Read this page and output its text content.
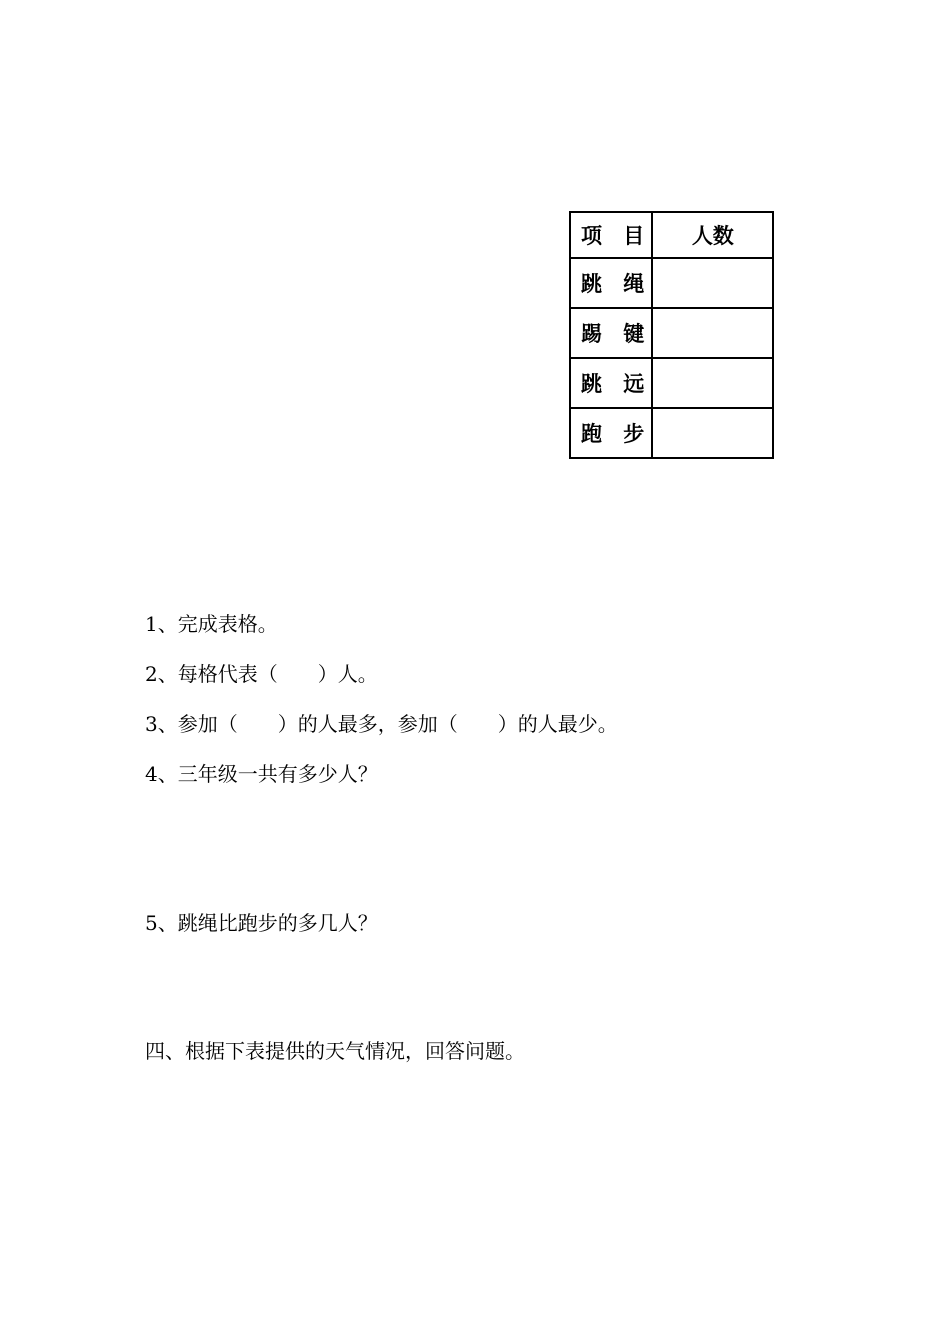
项 目	人数
跳 绳	
踢 键	
跳 远	
跑 步	

1、完成表格。

2、每格代表（　　）人。

3、参加（　　）的人最多，参加（　　）的人最少。

4、三年级一共有多少人？

5、跳绳比跑步的多几人？

四、根据下表提供的天气情况，回答问题。
